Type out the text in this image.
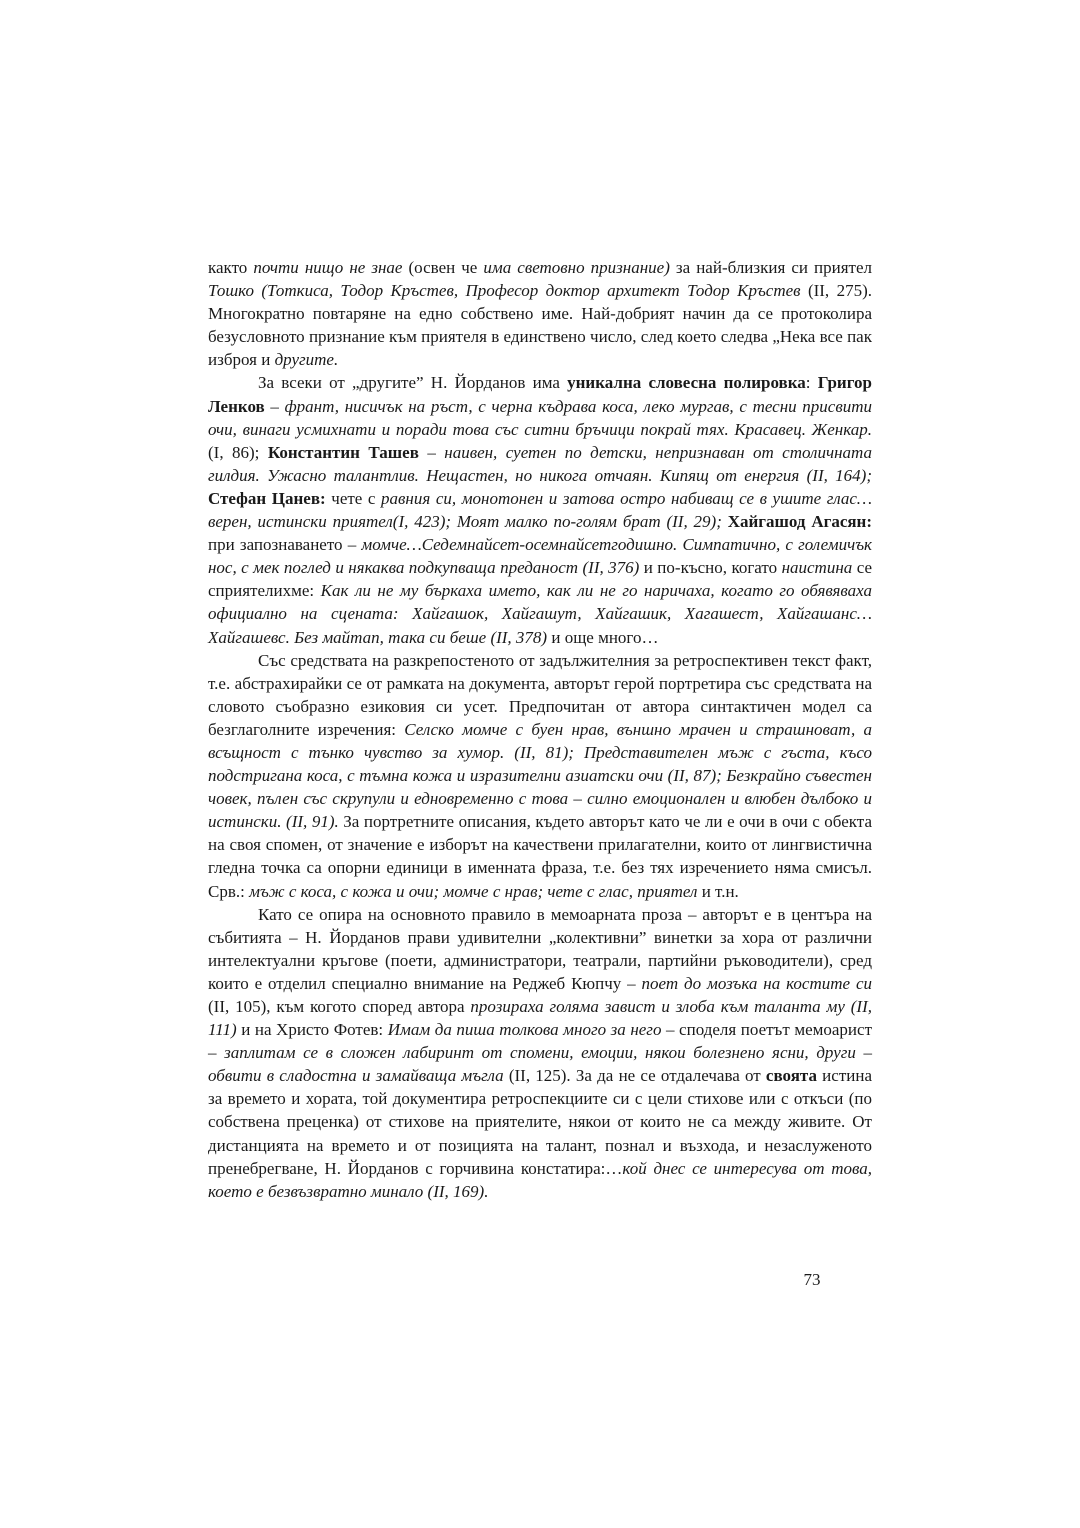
както почти нищо не знае (освен че има световно признание) за най-близкия си приятел Тошко (Тоткиса, Тодор Кръстев, Професор доктор архитект Тодор Кръстев (II, 275). Многократно повтаряне на едно собствено име. Най-добрият начин да се протоколира безусловното признание към приятеля в единствено число, след което следва „Нека все пак изброя и другите.

За всеки от „другите” Н. Йорданов има уникална словесна полировка: Григор Ленков – франт, нисичък на ръст, с черна къдрава коса, леко мургав, с тесни присвити очи, винаги усмихнати и поради това със ситни бръчици покрай тях. Красавец. Женкар. (I, 86); Константин Ташев – наивен, суетен по детски, непризнаван от столичната гилдия. Ужасно талантлив. Нещастен, но никога отчаян. Кипящ от енергия (II, 164); Стефан Цанев: чете с равния си, монотонен и затова остро набиващ се в ушите глас…верен, истински приятел(I, 423); Моят малко по-голям брат (II, 29); Хайгашод Агасян: при запознаването – момче…Седемнайсет-осемнайсетгодишно. Симпатично, с големичък нос, с мек поглед и някаква подкупваща преданост (II, 376) и по-късно, когато наистина се сприятелихме: Как ли не му бъркаха името, как ли не го наричаха, когато го обявяваха официално на сцената: Хайгашок, Хайгашут, Хайгашик, Хагашест, Хайгашанс…Хайгашевс. Без майтап, така си беше (II, 378) и още много…

Със средствата на разкрепостеното от задължителния за ретроспективен текст факт, т.е. абстрахирайки се от рамката на документа, авторът герой портретира със средствата на словото съобразно езиковия си усет. Предпочитан от автора синтактичен модел са безглаголните изречения: Селско момче с буен нрав, външно мрачен и страшноват, а всъщност с тънко чувство за хумор. (II, 81); Представителен мъж с гъста, късо подстригана коса, с тъмна кожа и изразителни азиатски очи (II, 87); Безкрайно съвестен човек, пълен със скрупули и едновременно с това – силно емоционален и влюбен дълбоко и истински. (II, 91). За портретните описания, където авторът като че ли е очи в очи с обекта на своя спомен, от значение е изборът на качествени прилагателни, които от лингвистична гледна точка са опорни единици в именната фраза, т.е. без тях изречението няма смисъл. Срв.: мъж с коса, с кожа и очи; момче с нрав; чете с глас, приятел и т.н.

Като се опира на основното правило в мемоарната проза – авторът е в центъра на събитията – Н. Йорданов прави удивителни „колективни” винетки за хора от различни интелектуални кръгове (поети, администратори, театрали, партийни ръководители), сред които е отделил специално внимание на Реджеб Кюпчу – поет до мозъка на костите си (II, 105), към когото според автора прозираха голяма завист и злоба към таланта му (II, 111) и на Христо Фотев: Имам да пиша толкова много за него – споделя поетът мемоарист – заплитам се в сложен лабиринт от спомени, емоции, някои болезнено ясни, други – обвити в сладостна и замайваща мъгла (II, 125). За да не се отдалечава от своята истина за времето и хората, той документира ретроспекциите си с цели стихове или с откъси (по собствена преценка) от стихове на приятелите, някои от които не са между живите. От дистанцията на времето и от позицията на талант, познал и възхода, и незаслуженото пренебрегване, Н. Йорданов с горчивина констатира:…кой днес се интересува от това, което е безвъзвратно минало (II, 169).

73
